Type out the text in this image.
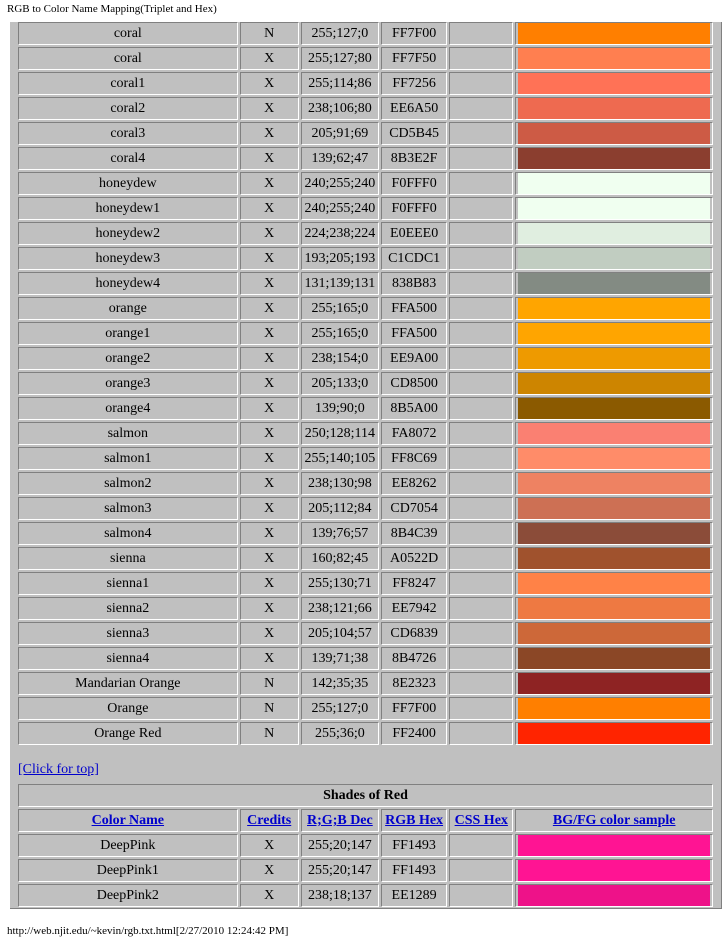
RGB to Color Name Mapping(Triplet and Hex)
coral	N	255;127;0	FF7F00		

coral	X	255;127;80	FF7F50		

coral1	X	255;114;86	FF7256		

coral2	X	238;106;80	EE6A50		

coral3	X	205;91;69	CD5B45		

coral4	X	139;62;47	8B3E2F		

honeydew	X	240;255;240	F0FFF0		

honeydew1	X	240;255;240	F0FFF0		

honeydew2	X	224;238;224	E0EEE0		

honeydew3	X	193;205;193	C1CDC1		

honeydew4	X	131;139;131	838B83		

orange	X	255;165;0	FFA500		

orange1	X	255;165;0	FFA500		

orange2	X	238;154;0	EE9A00		

orange3	X	205;133;0	CD8500		

orange4	X	139;90;0	8B5A00		

salmon	X	250;128;114	FA8072		

salmon1	X	255;140;105	FF8C69		

salmon2	X	238;130;98	EE8262		

salmon3	X	205;112;84	CD7054		

salmon4	X	139;76;57	8B4C39		

sienna	X	160;82;45	A0522D		

sienna1	X	255;130;71	FF8247		

sienna2	X	238;121;66	EE7942		

sienna3	X	205;104;57	CD6839		

sienna4	X	139;71;38	8B4726		

Mandarian Orange	N	142;35;35	8E2323		

Orange	N	255;127;0	FF7F00		

Orange Red	N	255;36;0	FF2400		
[Click for top]
Shades of Red					
Color Name	Credits	R;G;B Dec	RGB Hex	CSS Hex	BG/FG color sample
DeepPink	X	255;20;147	FF1493		

DeepPink1	X	255;20;147	FF1493		

DeepPink2	X	238;18;137	EE1289		
http://web.njit.edu/~kevin/rgb.txt.html[2/27/2010 12:24:42 PM]
